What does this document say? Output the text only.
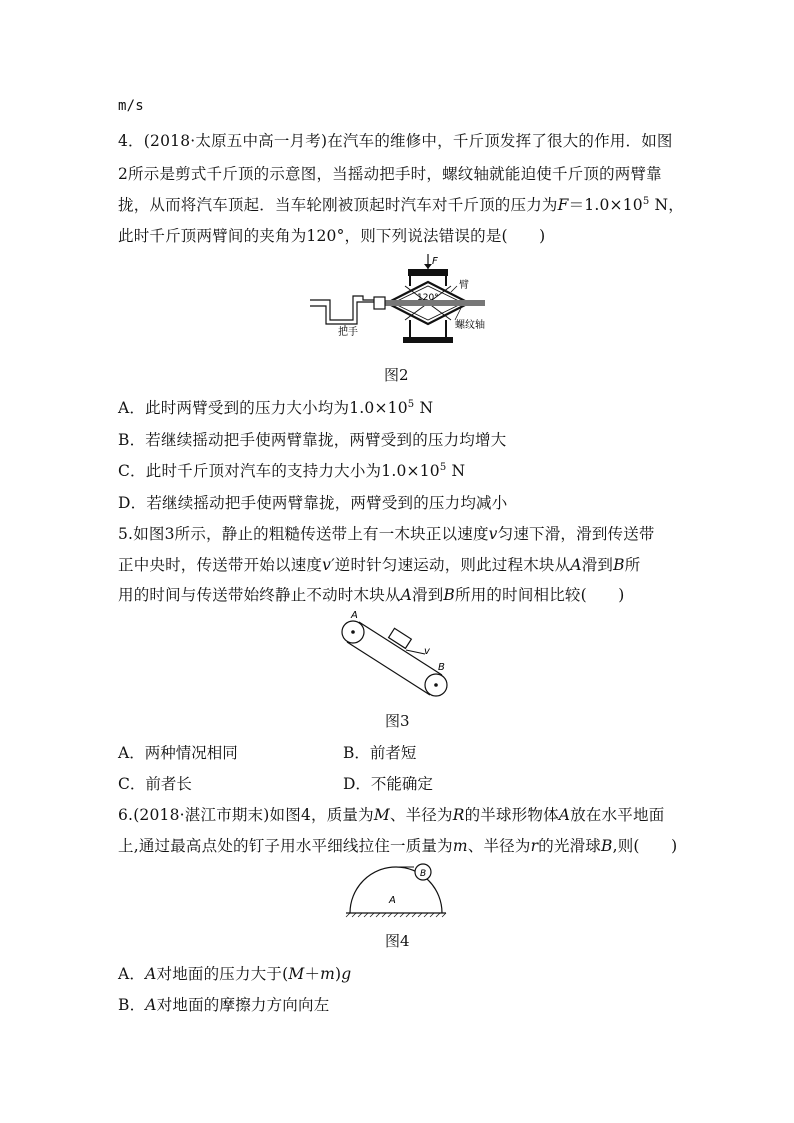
m/s
4．(2018·太原五中高一月考)在汽车的维修中，千斤顶发挥了很大的作用．如图
2所示是剪式千斤顶的示意图，当摇动把手时，螺纹轴就能迫使千斤顶的两臂靠
拢，从而将汽车顶起．当车轮刚被顶起时汽车对千斤顶的压力为$F=1.0\times 10^5$ N，
此时千斤顶两臂间的夹角为120°，则下列说法错误的是(　　)
F
120°
臂
螺纹轴
把手
图2
A．此时两臂受到的压力大小均为$1.0\times 10^5$ N
B．若继续摇动把手使两臂靠拢，两臂受到的压力均增大
C．此时千斤顶对汽车的支持力大小为$1.0\times 10^5$ N
D．若继续摇动把手使两臂靠拢，两臂受到的压力均减小
5.如图3所示，静止的粗糙传送带上有一木块正以速度v匀速下滑，滑到传送带
正中央时，传送带开始以速度v′逆时针匀速运动，则此过程木块从A滑到B所
用的时间与传送带始终静止不动时木块从A滑到B所用的时间相比较(　　)
v
A
B
图3
A．两种情况相同	B．前者短
C．前者长	D．不能确定
6.(2018·湛江市期末)如图4，质量为M、半径为R的半球形物体A放在水平地面
上,通过最高点处的钉子用水平细线拉住一质量为m、半径为r的光滑球B,则(　　)
B
A
图4
A．A对地面的压力大于(M＋m)g
B．A对地面的摩擦力方向向左
